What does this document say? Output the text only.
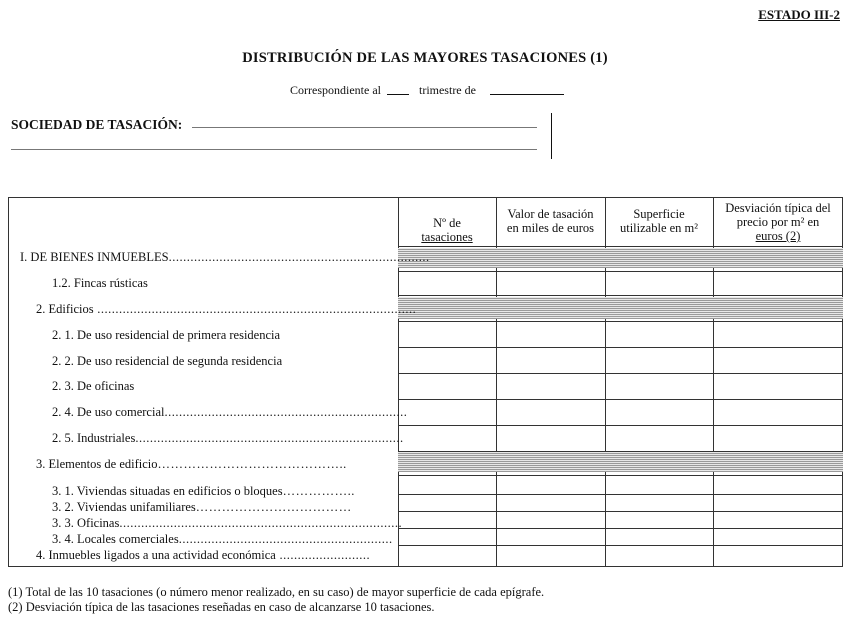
ESTADO III-2
DISTRIBUCIÓN DE LAS MAYORES TASACIONES (1)
Correspondiente al	trimestre de
SOCIEDAD DE TASACIÓN:
Nº de
tasaciones
Valor de tasación
en miles de euros
Superficie
utilizable en m²
Desviación típica del
precio por m² en
euros (2)
I. DE BIENES INMUEBLES........................................................................
1.2. Fincas rústicas
2. Edificios ........................................................................................
2. 1. De uso residencial de primera residencia
2. 2. De uso residencial de segunda residencia
2. 3. De oficinas
2. 4. De uso comercial...................................................................
2. 5. Industriales..........................................................................
3. Elementos de edificio……………………………………..
3. 1. Viviendas situadas en edificios o bloques……………..
3. 2. Viviendas unifamiliares………………………………
3. 3. Oficinas..............................................................................
3. 4. Locales comerciales...........................................................
4. Inmuebles ligados a una actividad económica .........................
(1) Total de las 10 tasaciones (o número menor realizado, en su caso) de mayor superficie de cada epígrafe.
(2) Desviación típica de las tasaciones reseñadas en caso de alcanzarse 10 tasaciones.
